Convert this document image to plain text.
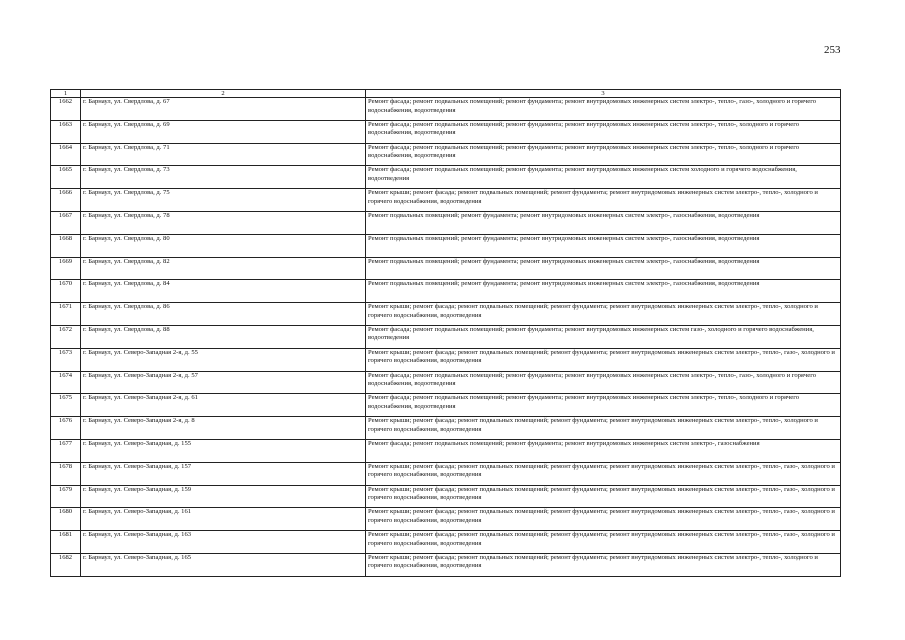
253
1	2	3
1662	г. Барнаул, ул. Свердлова, д. 67	Ремонт фасада; ремонт подвальных помещений; ремонт фундамента; ремонт внутридомовых инженерных систем электро-, тепло-, газо-, холодного и горячего водоснабжения, водоотведения
1663	г. Барнаул, ул. Свердлова, д. 69	Ремонт фасада; ремонт подвальных помещений; ремонт фундамента; ремонт внутридомовых инженерных систем электро-, тепло-, холодного и горячего водоснабжения, водоотведения
1664	г. Барнаул, ул. Свердлова, д. 71	Ремонт фасада; ремонт подвальных помещений; ремонт фундамента; ремонт внутридомовых инженерных систем электро-, тепло-, холодного и горячего водоснабжения, водоотведения
1665	г. Барнаул, ул. Свердлова, д. 73	Ремонт фасада; ремонт подвальных помещений; ремонт фундамента; ремонт внутридомовых инженерных систем холодного и горячего водоснабжения, водоотведения
1666	г. Барнаул, ул. Свердлова, д. 75	Ремонт крыши; ремонт фасада; ремонт подвальных помещений; ремонт фундамента; ремонт внутридомовых инженерных систем электро-, тепло-, холодного и горячего водоснабжения, водоотведения
1667	г. Барнаул, ул. Свердлова, д. 78	Ремонт подвальных помещений; ремонт фундамента; ремонт внутридомовых инженерных систем электро-, газоснабжения, водоотведения
1668	г. Барнаул, ул. Свердлова, д. 80	Ремонт подвальных помещений; ремонт фундамента; ремонт внутридомовых инженерных систем электро-, газоснабжения, водоотведения
1669	г. Барнаул, ул. Свердлова, д. 82	Ремонт подвальных помещений; ремонт фундамента; ремонт внутридомовых инженерных систем электро-, газоснабжения, водоотведения
1670	г. Барнаул, ул. Свердлова, д. 84	Ремонт подвальных помещений; ремонт фундамента; ремонт внутридомовых инженерных систем электро-, газоснабжения, водоотведения
1671	г. Барнаул, ул. Свердлова, д. 86	Ремонт крыши; ремонт фасада; ремонт подвальных помещений; ремонт фундамента; ремонт внутридомовых инженерных систем электро-, тепло-, холодного и горячего водоснабжения, водоотведения
1672	г. Барнаул, ул. Свердлова, д. 88	Ремонт фасада; ремонт подвальных помещений; ремонт фундамента; ремонт внутридомовых инженерных систем газо-, холодного и горячего водоснабжения, водоотведения
1673	г. Барнаул, ул. Северо-Западная 2-я, д. 55	Ремонт крыши; ремонт фасада; ремонт подвальных помещений; ремонт фундамента; ремонт внутридомовых инженерных систем электро-, тепло-, газо-, холодного и горячего водоснабжения, водоотведения
1674	г. Барнаул, ул. Северо-Западная 2-я, д. 57	Ремонт фасада; ремонт подвальных помещений; ремонт фундамента; ремонт внутридомовых инженерных систем электро-, тепло-, газо-, холодного и горячего водоснабжения, водоотведения
1675	г. Барнаул, ул. Северо-Западная 2-я, д. 61	Ремонт фасада; ремонт подвальных помещений; ремонт фундамента; ремонт внутридомовых инженерных систем электро-, тепло-, холодного и горячего водоснабжения, водоотведения
1676	г. Барнаул, ул. Северо-Западная 2-я, д. 8	Ремонт крыши; ремонт фасада; ремонт подвальных помещений; ремонт фундамента; ремонт внутридомовых инженерных систем электро-, тепло-, холодного и горячего водоснабжения, водоотведения
1677	г. Барнаул, ул. Северо-Западная, д. 155	Ремонт фасада; ремонт подвальных помещений; ремонт фундамента; ремонт внутридомовых инженерных систем электро-, газоснабжения
1678	г. Барнаул, ул. Северо-Западная, д. 157	Ремонт крыши; ремонт фасада; ремонт подвальных помещений; ремонт фундамента; ремонт внутридомовых инженерных систем электро-, тепло-, газо-, холодного и горячего водоснабжения, водоотведения
1679	г. Барнаул, ул. Северо-Западная, д. 159	Ремонт крыши; ремонт фасада; ремонт подвальных помещений; ремонт фундамента; ремонт внутридомовых инженерных систем электро-, тепло-, газо-, холодного и горячего водоснабжения, водоотведения
1680	г. Барнаул, ул. Северо-Западная, д. 161	Ремонт крыши; ремонт фасада; ремонт подвальных помещений; ремонт фундамента; ремонт внутридомовых инженерных систем электро-, тепло-, газо-, холодного и горячего водоснабжения, водоотведения
1681	г. Барнаул, ул. Северо-Западная, д. 163	Ремонт крыши; ремонт фасада; ремонт подвальных помещений; ремонт фундамента; ремонт внутридомовых инженерных систем электро-, тепло-, газо-, холодного и горячего водоснабжения, водоотведения
1682	г. Барнаул, ул. Северо-Западная, д. 165	Ремонт крыши; ремонт фасада; ремонт подвальных помещений; ремонт фундамента; ремонт внутридомовых инженерных систем электро-, тепло-, холодного и горячего водоснабжения, водоотведения
